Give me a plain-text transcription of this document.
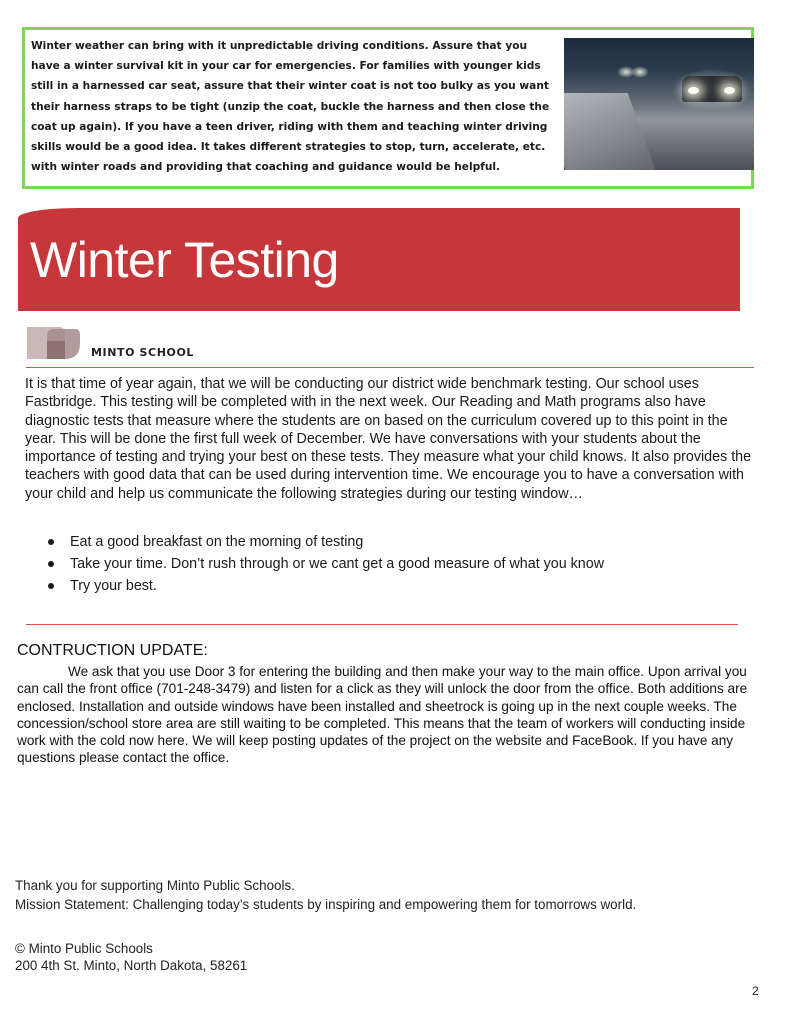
Winter weather can bring with it unpredictable driving conditions. Assure that you have a winter survival kit in your car for emergencies. For families with younger kids still in a harnessed car seat, assure that their winter coat is not too bulky as you want their harness straps to be tight (unzip the coat, buckle the harness and then close the coat up again). If you have a teen driver, riding with them and teaching winter driving skills would be a good idea. It takes different strategies to stop, turn, accelerate, etc. with winter roads and providing that coaching and guidance would be helpful.

Winter Testing
MINTO SCHOOL

It is that time of year again, that we will be conducting our district wide benchmark testing. Our school uses Fastbridge. This testing will be completed with in the next week. Our Reading and Math programs also have diagnostic tests that measure where the students are on based on the curriculum covered up to this point in the year. This will be done the first full week of December. We have conversations with your students about the importance of testing and trying your best on these tests. They measure what your child knows. It also provides the teachers with good data that can be used during intervention time. We encourage you to have a conversation with your child and help us communicate the following strategies during our testing window…

Eat a good breakfast on the morning of testing
Take your time. Don’t rush through or we cant get a good measure of what you know
Try your best.
CONTRUCTION UPDATE:

We ask that you use Door 3 for entering the building and then make your way to the main office. Upon arrival you can call the front office (701-248-3479) and listen for a click as they will unlock the door from the office. Both additions are enclosed. Installation and outside windows have been installed and sheetrock is going up in the next couple weeks. The concession/school store area are still waiting to be completed. This means that the team of workers will conducting inside work with the cold now here. We will keep posting updates of the project on the website and FaceBook. If you have any questions please contact the office.

Thank you for supporting Minto Public Schools.
Mission Statement: Challenging today’s students by inspiring and empowering them for tomorrows world.

© Minto Public Schools
200 4th St. Minto, North Dakota, 58261

2
